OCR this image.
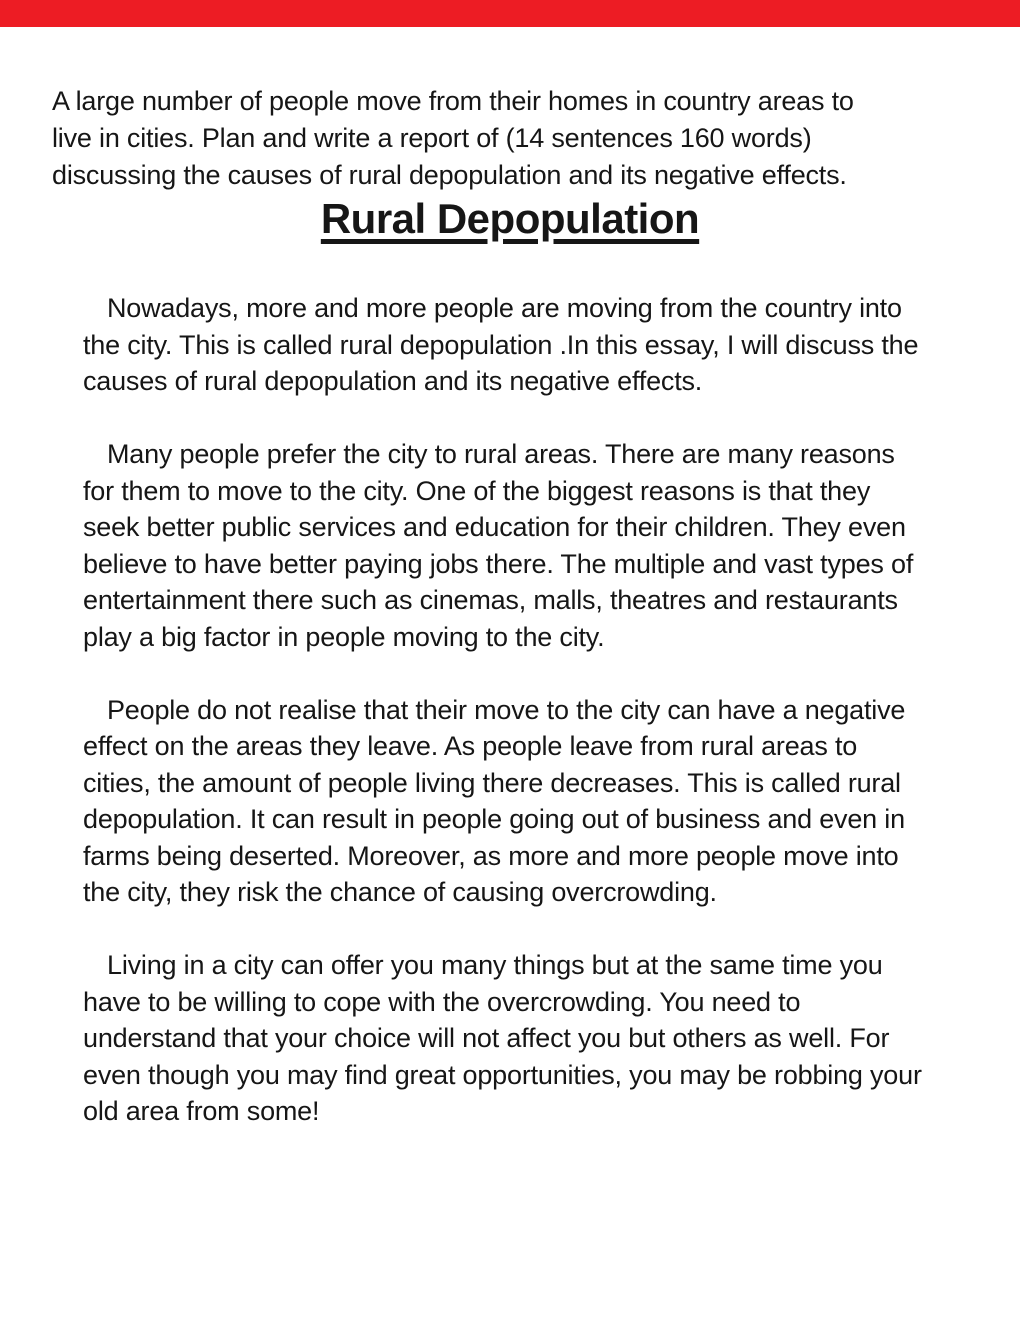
A large number of people move from their homes in country areas to
live in cities. Plan and write a report of (14 sentences 160 words)
discussing the causes of rural depopulation and its negative effects.
Rural Depopulation
Nowadays, more and more people are moving from the country into
the city. This is called rural depopulation .In this essay, I will discuss the
causes of rural depopulation and its negative effects.
Many people prefer the city to rural areas. There are many reasons
for them to move to the city. One of the biggest reasons is that they
seek better public services and education for their children. They even
believe to have better paying jobs there. The multiple and vast types of
entertainment there such as cinemas, malls, theatres and restaurants
play a big factor in people moving to the city.
People do not realise that their move to the city can have a negative
effect on the areas they leave. As people leave from rural areas to
cities, the amount of people living there decreases. This is called rural
depopulation. It can result in people going out of business and even in
farms being deserted. Moreover, as more and more people move into
the city, they risk the chance of causing overcrowding.
Living in a city can offer you many things but at the same time you
have to be willing to cope with the overcrowding. You need to
understand that your choice will not affect you but others as well. For
even though you may find great opportunities, you may be robbing your
old area from some!
